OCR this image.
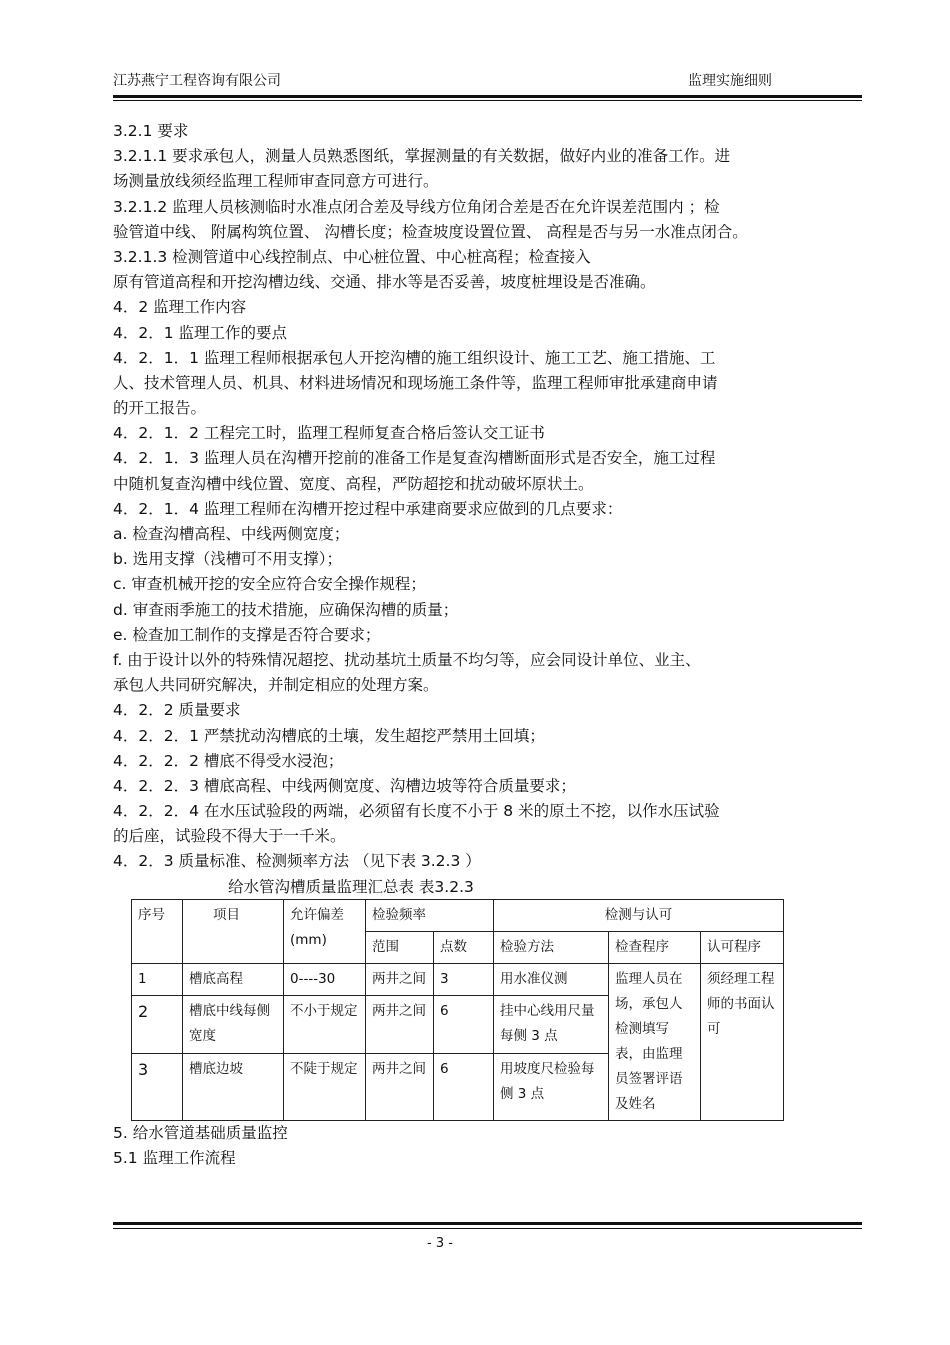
江苏燕宁工程咨询有限公司	监理实施细则
3.2.1 要求
3.2.1.1 要求承包人，测量人员熟悉图纸，掌握测量的有关数据，做好内业的准备工作。进
场测量放线须经监理工程师审查同意方可进行。
3.2.1.2 监理人员核测临时水准点闭合差及导线方位角闭合差是否在允许误差范围内 ；检
验管道中线、 附属构筑位置、 沟槽长度；检查坡度设置位置、 高程是否与另一水准点闭合。
3.2.1.3 检测管道中心线控制点、中心桩位置、中心桩高程；检查接入
原有管道高程和开挖沟槽边线、交通、排水等是否妥善，坡度桩埋设是否准确。
4．2 监理工作内容
4．2．1 监理工作的要点
4．2．1．1 监理工程师根据承包人开挖沟槽的施工组织设计、施工工艺、施工措施、工
人、技术管理人员、机具、材料进场情况和现场施工条件等，监理工程师审批承建商申请
的开工报告。
4．2．1．2 工程完工时，监理工程师复查合格后签认交工证书
4．2．1．3 监理人员在沟槽开挖前的准备工作是复查沟槽断面形式是否安全，施工过程
中随机复查沟槽中线位置、宽度、高程，严防超挖和扰动破坏原状土。
4．2．1．4 监理工程师在沟槽开挖过程中承建商要求应做到的几点要求：
a. 检查沟槽高程、中线两侧宽度；
b. 选用支撑（浅槽可不用支撑）；
c. 审查机械开挖的安全应符合安全操作规程；
d. 审查雨季施工的技术措施，应确保沟槽的质量；
e. 检查加工制作的支撑是否符合要求；
f. 由于设计以外的特殊情况超挖、扰动基坑土质量不均匀等，应会同设计单位、业主、
承包人共同研究解决，并制定相应的处理方案。
4．2．2 质量要求
4．2．2．1 严禁扰动沟槽底的土壤，发生超挖严禁用土回填；
4．2．2．2 槽底不得受水浸泡；
4．2．2．3 槽底高程、中线两侧宽度、沟槽边坡等符合质量要求；
4．2．2．4 在水压试验段的两端，必须留有长度不小于 8 米的原土不挖，以作水压试验
的后座，试验段不得大于一千米。
4．2．3 质量标准、检测频率方法 （见下表 3.2.3 ）
给水管沟槽质量监理汇总表 表3.2.3
序号	项目	允许偏差(mm)	检验频率		检测与认可		
			范围	点数	检验方法	检查程序	认可程序
1	槽底高程	0----30	两井之间	3	用水准仪测	监理人员在场，承包人检测填写表，由监理员签署评语及姓名	须经理工程师的书面认可
2	槽底中线每侧宽度	不小于规定	两井之间	6	挂中心线用尺量每侧 3 点		
3	槽底边坡	不陡于规定	两井之间	6	用坡度尺检验每侧 3 点		
5. 给水管道基础质量监控
5.1 监理工作流程
- 3 -
